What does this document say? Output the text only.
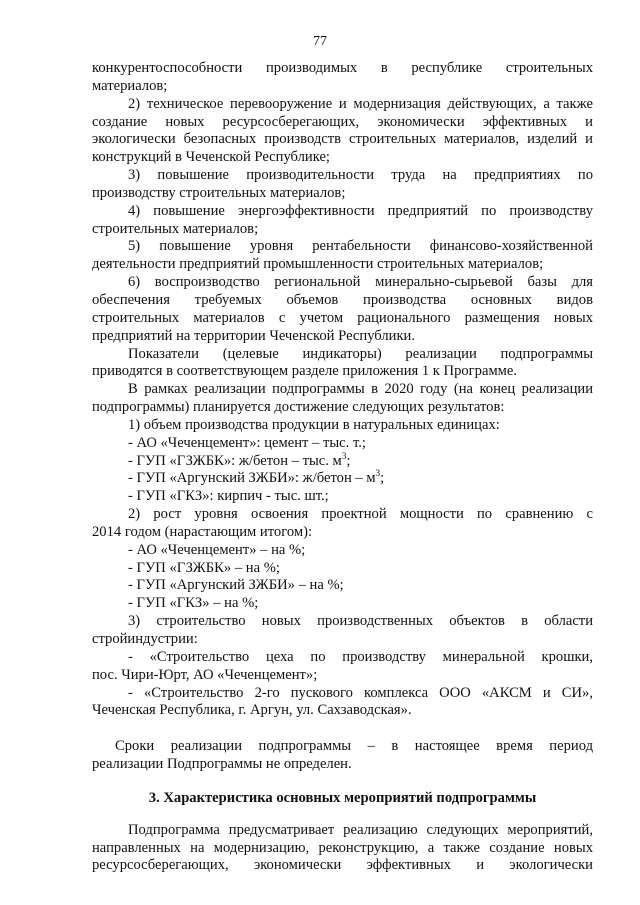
77
конкурентоспособности производимых в республике строительных
материалов;
2) техническое перевооружение и модернизация действующих, а также
создание новых ресурсосберегающих, экономически эффективных и
экологически безопасных производств строительных материалов, изделий и
конструкций в Чеченской Республике;
3) повышение производительности труда на предприятиях по
производству строительных материалов;
4) повышение энергоэффективности предприятий по производству
строительных материалов;
5) повышение уровня рентабельности финансово-хозяйственной
деятельности предприятий промышленности строительных материалов;
6) воспроизводство региональной минерально-сырьевой базы для
обеспечения требуемых объемов производства основных видов
строительных материалов с учетом рационального размещения новых
предприятий на территории Чеченской Республики.
Показатели (целевые индикаторы) реализации подпрограммы
приводятся в соответствующем разделе приложения 1 к Программе.
В рамках реализации подпрограммы в 2020 году (на конец реализации
подпрограммы) планируется достижение следующих результатов:
1) объем производства продукции в натуральных единицах:
- АО «Чеченцемент»: цемент – тыс. т.;
- ГУП «ГЗЖБК»: ж/бетон – тыс. $м^3$;
- ГУП «Аргунский ЗЖБИ»: ж/бетон – $м^3$;
- ГУП «ГКЗ»: кирпич - тыс. шт.;
2) рост уровня освоения проектной мощности по сравнению с
2014 годом (нарастающим итогом):
- АО «Чеченцемент» – на %;
- ГУП «ГЗЖБК» – на %;
- ГУП «Аргунский ЗЖБИ» – на %;
- ГУП «ГКЗ» – на %;
3) строительство новых производственных объектов в области
стройиндустрии:
- «Строительство цеха по производству минеральной крошки,
пос. Чири-Юрт, АО «Чеченцемент»;
- «Строительство 2-го пускового комплекса ООО «АКСМ и СИ»,
Чеченская Республика, г. Аргун, ул. Сахзаводская».
Сроки реализации подпрограммы – в настоящее время период
реализации Подпрограммы не определен.
3. Характеристика основных мероприятий подпрограммы
Подпрограмма предусматривает реализацию следующих мероприятий,
направленных на модернизацию, реконструкцию, а также создание новых
ресурсосберегающих, экономически эффективных и экологически
